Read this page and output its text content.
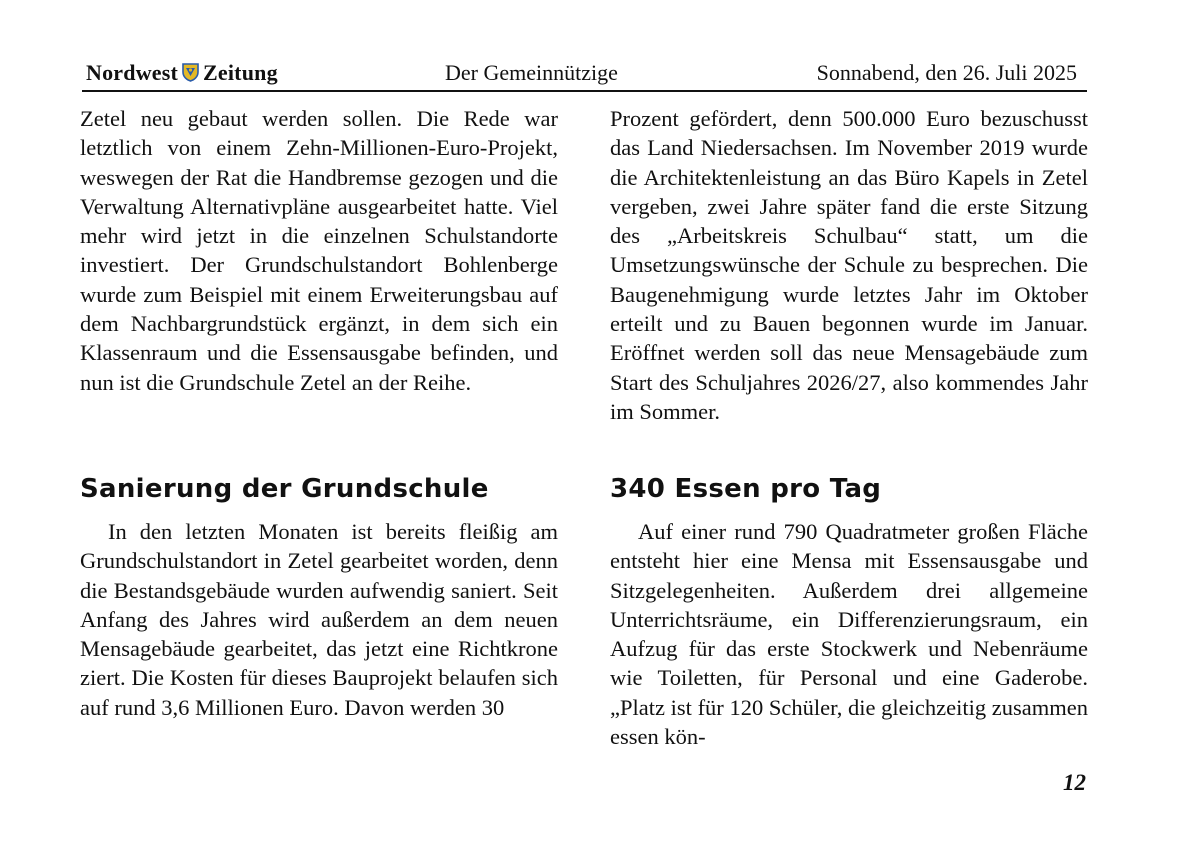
Nordwest Zeitung	Der Gemeinnützige	Sonnabend, den 26. Juli 2025

Zetel neu gebaut werden sollen. Die Rede war letztlich von einem Zehn-Millionen-Euro-Projekt, weswegen der Rat die Handbremse gezogen und die Verwaltung Alternativpläne ausgearbeitet hatte. Viel mehr wird jetzt in die einzelnen Schulstandorte investiert. Der Grundschulstandort Bohlenberge wurde zum Beispiel mit einem Erweiterungsbau auf dem Nachbargrundstück ergänzt, in dem sich ein Klassenraum und die Essensausgabe befinden, und nun ist die Grundschule Zetel an der Reihe.

Sanierung der Grundschule

In den letzten Monaten ist bereits fleißig am Grundschulstandort in Zetel gearbeitet worden, denn die Bestandsgebäude wurden aufwendig saniert. Seit Anfang des Jahres wird außerdem an dem neuen Mensagebäude gearbeitet, das jetzt eine Richtkrone ziert. Die Kosten für dieses Bauprojekt belaufen sich auf rund 3,6 Millionen Euro. Davon werden 30

Prozent gefördert, denn 500.000 Euro bezuschusst das Land Niedersachsen. Im November 2019 wurde die Architektenleistung an das Büro Kapels in Zetel vergeben, zwei Jahre später fand die erste Sitzung des „Arbeitskreis Schulbau“ statt, um die Umsetzungswünsche der Schule zu besprechen. Die Baugenehmigung wurde letztes Jahr im Oktober erteilt und zu Bauen begonnen wurde im Januar. Eröffnet werden soll das neue Mensagebäude zum Start des Schuljahres 2026/27, also kommendes Jahr im Sommer.

340 Essen pro Tag

Auf einer rund 790 Quadratmeter großen Fläche entsteht hier eine Mensa mit Essensausgabe und Sitzgelegenheiten. Außerdem drei allgemeine Unterrichtsräume, ein Differenzierungsraum, ein Aufzug für das erste Stockwerk und Nebenräume wie Toiletten, für Personal und eine Gaderobe. „Platz ist für 120 Schüler, die gleichzeitig zusammen essen kön-

12
